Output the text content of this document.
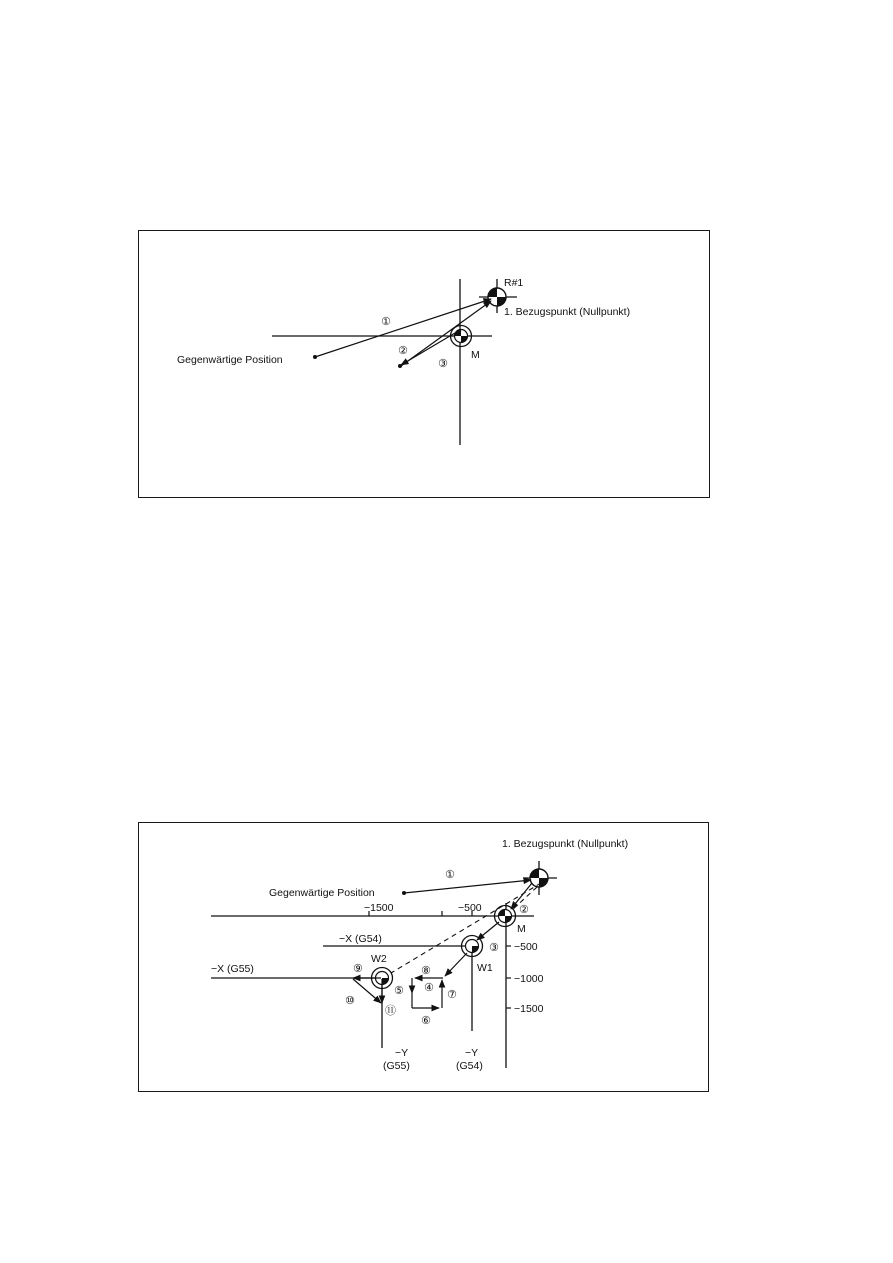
R#1
1. Bezugspunkt (Nullpunkt)
Gegenwärtige Position	M
①
②
③
1. Bezugspunkt (Nullpunkt)
Gegenwärtige Position
M
W1
W2
−1500	−500
−500
−1000
−1500
−X (G54)
−X (G55)
−Y
(G55)
−Y
(G54)
①
②
③
④
⑤
⑥
⑦
⑧
⑨
⑩
⑪
